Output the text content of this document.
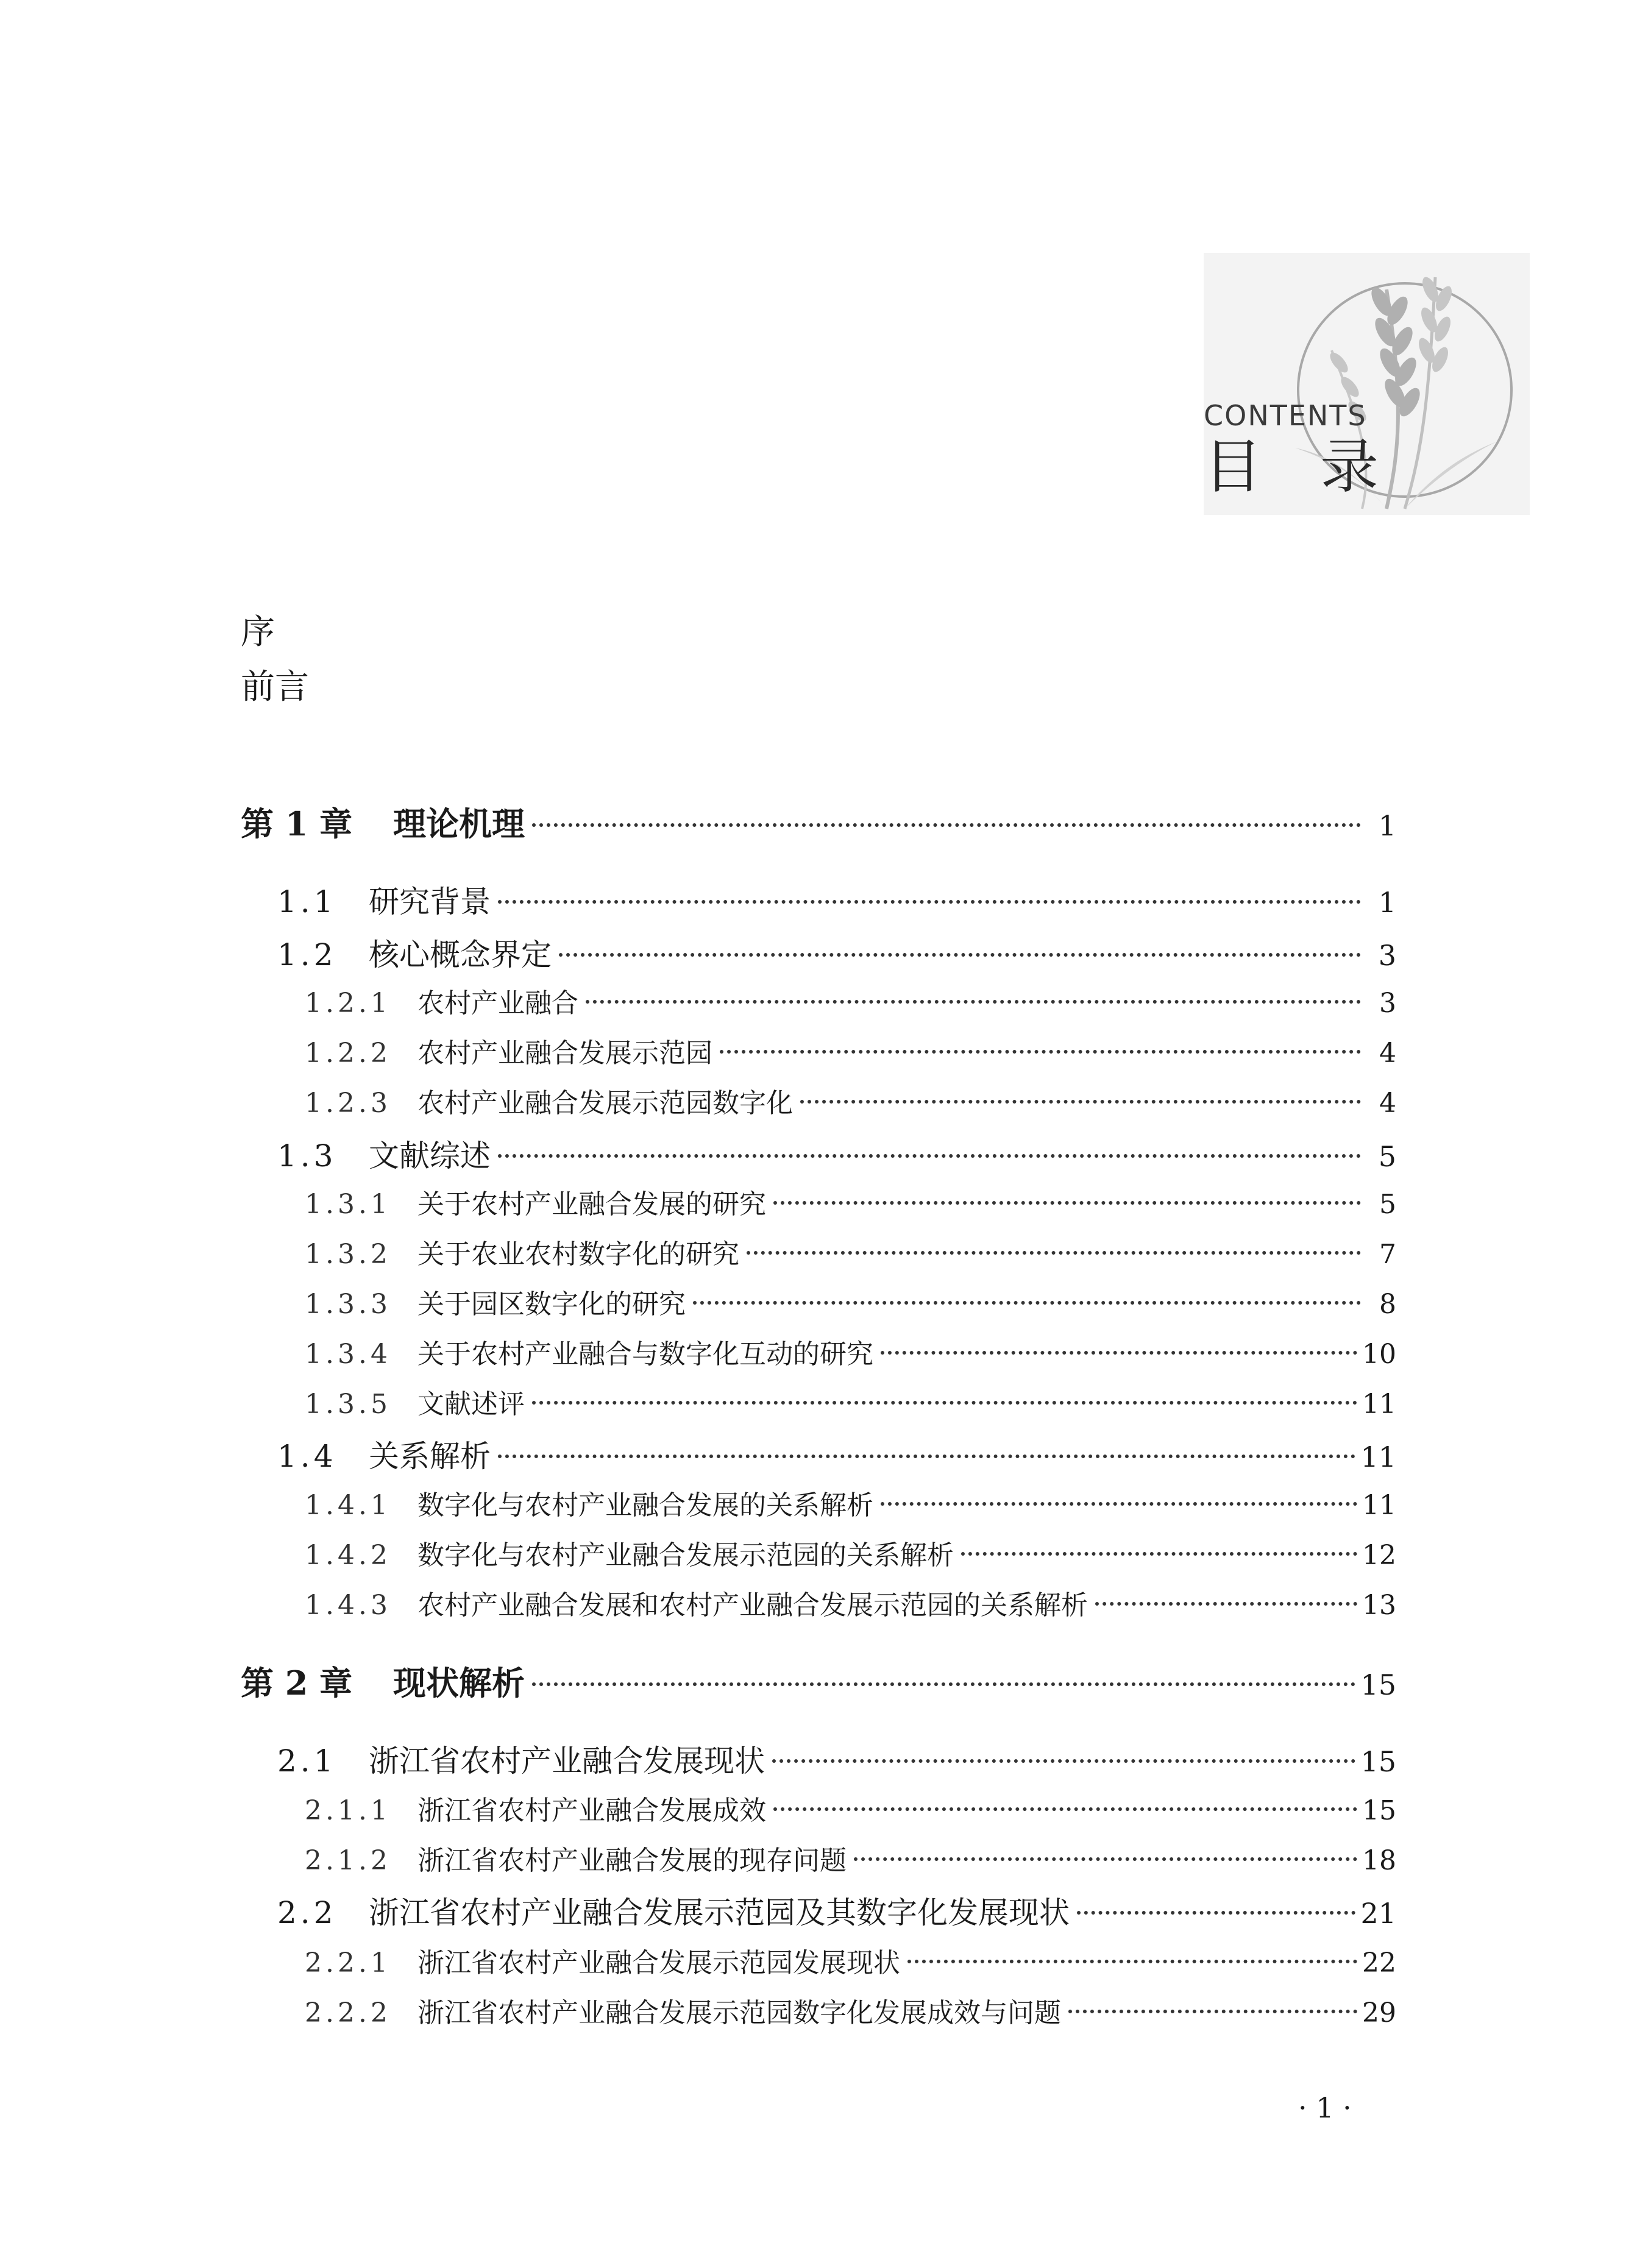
CONTENTS
目 录
序
前言
第 1 章	理论机理	1
1.1	研究背景	1
1.2	核心概念界定	3
1.2.1 农村产业融合	3
1.2.2 农村产业融合发展示范园	4
1.2.3 农村产业融合发展示范园数字化	4
1.3	文献综述	5
1.3.1 关于农村产业融合发展的研究	5
1.3.2 关于农业农村数字化的研究	7
1.3.3 关于园区数字化的研究	8
1.3.4 关于农村产业融合与数字化互动的研究	10
1.3.5 文献述评	11
1.4	关系解析	11
1.4.1 数字化与农村产业融合发展的关系解析	11
1.4.2 数字化与农村产业融合发展示范园的关系解析	12
1.4.3 农村产业融合发展和农村产业融合发展示范园的关系解析	13
第 2 章	现状解析	15
2.1	浙江省农村产业融合发展现状	15
2.1.1 浙江省农村产业融合发展成效	15
2.1.2 浙江省农村产业融合发展的现存问题	18
2.2	浙江省农村产业融合发展示范园及其数字化发展现状	21
2.2.1 浙江省农村产业融合发展示范园发展现状	22
2.2.2 浙江省农村产业融合发展示范园数字化发展成效与问题	29
· 1 ·
